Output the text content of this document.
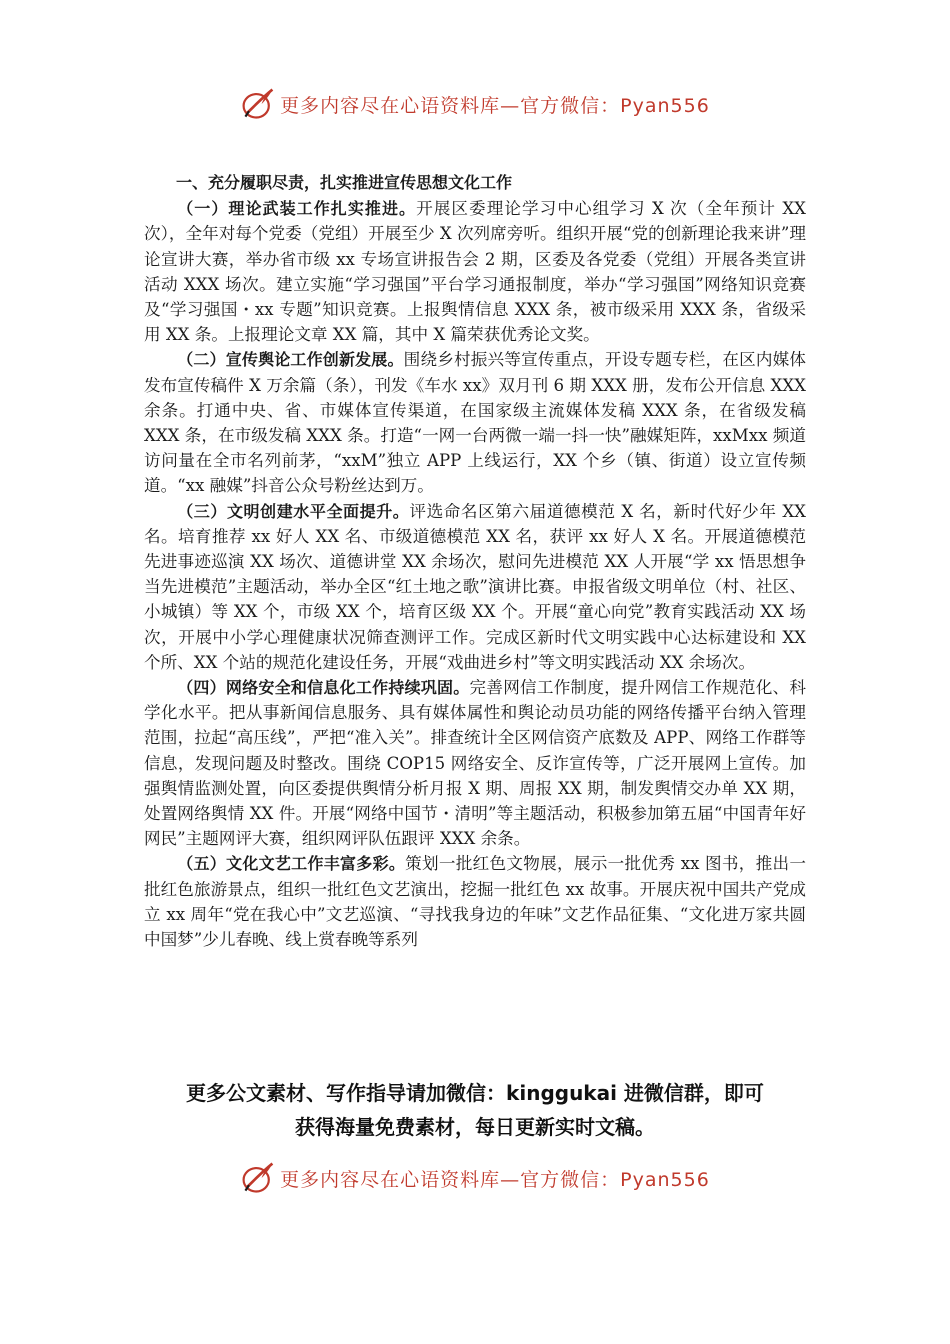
更多内容尽在心语资料库—官方微信：Pyan556

一、充分履职尽责，扎实推进宣传思想文化工作

（一）理论武装工作扎实推进。开展区委理论学习中心组学习 X 次（全年预计 XX 次），全年对每个党委（党组）开展至少 X 次列席旁听。组织开展“党的创新理论我来讲”理论宣讲大赛，举办省市级 xx 专场宣讲报告会 2 期，区委及各党委（党组）开展各类宣讲活动 XXX 场次。建立实施“学习强国”平台学习通报制度，举办“学习强国”网络知识竞赛及“学习强国・xx 专题”知识竞赛。上报舆情信息 XXX 条，被市级采用 XXX 条，省级采用 XX 条。上报理论文章 XX 篇，其中 X 篇荣获优秀论文奖。

（二）宣传舆论工作创新发展。围绕乡村振兴等宣传重点，开设专题专栏，在区内媒体发布宣传稿件 X 万余篇（条），刊发《车水 xx》双月刊 6 期 XXX 册，发布公开信息 XXX 余条。打通中央、省、市媒体宣传渠道，在国家级主流媒体发稿 XXX 条，在省级发稿 XXX 条，在市级发稿 XXX 条。打造“一网一台两微一端一抖一快”融媒矩阵，xxMxx 频道访问量在全市名列前茅，“xxM”独立 APP 上线运行，XX 个乡（镇、街道）设立宣传频道。“xx 融媒”抖音公众号粉丝达到万。

（三）文明创建水平全面提升。评选命名区第六届道德模范 X 名，新时代好少年 XX 名。培育推荐 xx 好人 XX 名、市级道德模范 XX 名，获评 xx 好人 X 名。开展道德模范先进事迹巡演 XX 场次、道德讲堂 XX 余场次，慰问先进模范 XX 人开展“学 xx 悟思想争当先进模范”主题活动，举办全区“红土地之歌”演讲比赛。申报省级文明单位（村、社区、小城镇）等 XX 个，市级 XX 个，培育区级 XX 个。开展“童心向党”教育实践活动 XX 场次，开展中小学心理健康状况筛查测评工作。完成区新时代文明实践中心达标建设和 XX 个所、XX 个站的规范化建设任务，开展“戏曲进乡村”等文明实践活动 XX 余场次。

（四）网络安全和信息化工作持续巩固。完善网信工作制度，提升网信工作规范化、科学化水平。把从事新闻信息服务、具有媒体属性和舆论动员功能的网络传播平台纳入管理范围，拉起“高压线”，严把“准入关”。排查统计全区网信资产底数及 APP、网络工作群等信息，发现问题及时整改。围绕 COP15 网络安全、反诈宣传等，广泛开展网上宣传。加强舆情监测处置，向区委提供舆情分析月报 X 期、周报 XX 期，制发舆情交办单 XX 期，处置网络舆情 XX 件。开展“网络中国节・清明”等主题活动，积极参加第五届“中国青年好网民”主题网评大赛，组织网评队伍跟评 XXX 余条。

（五）文化文艺工作丰富多彩。策划一批红色文物展，展示一批优秀 xx 图书，推出一批红色旅游景点，组织一批红色文艺演出，挖掘一批红色 xx 故事。开展庆祝中国共产党成立 xx 周年“党在我心中”文艺巡演、“寻找我身边的年味”文艺作品征集、“文化进万家共圆中国梦”少儿春晚、线上赏春晚等系列

更多公文素材、写作指导请加微信：kinggukai 进微信群，即可
获得海量免费素材，每日更新实时文稿。
更多内容尽在心语资料库—官方微信：Pyan556
